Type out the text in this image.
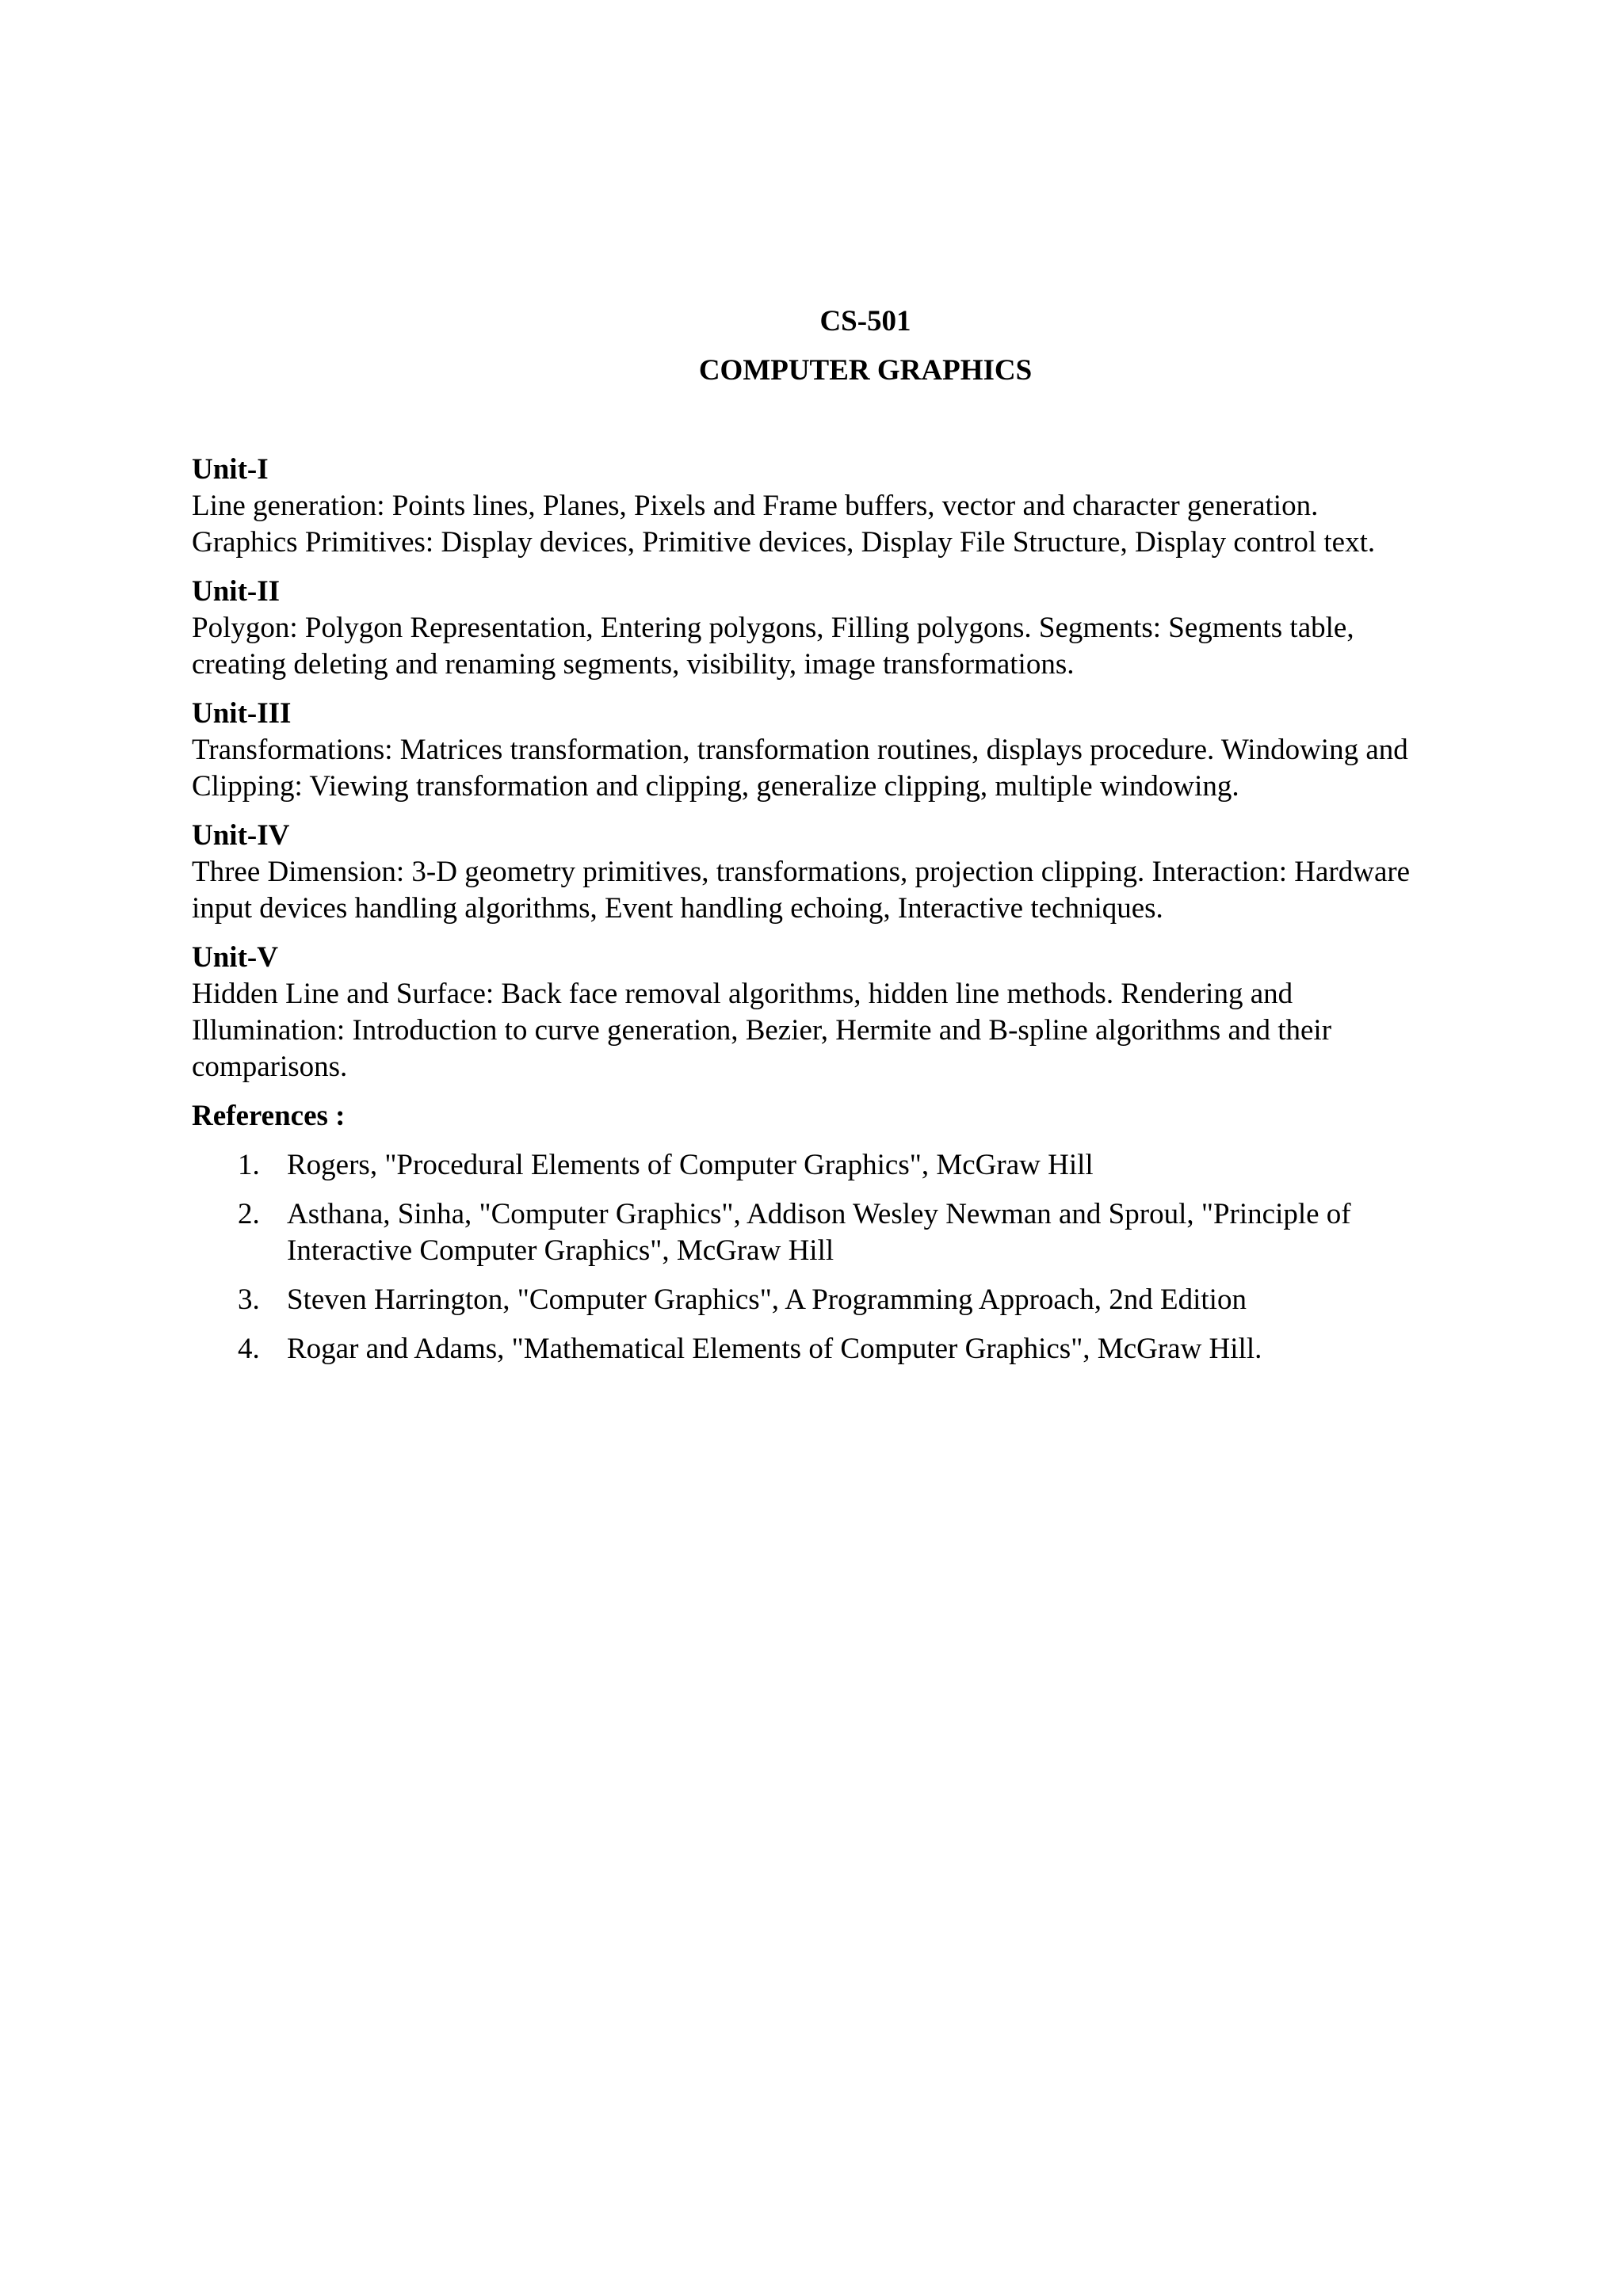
CS-501
COMPUTER GRAPHICS
Unit-I
Line generation: Points lines, Planes, Pixels and Frame buffers, vector and character generation.
Graphics Primitives: Display devices, Primitive devices, Display File Structure, Display control text.
Unit-II
Polygon: Polygon Representation, Entering polygons, Filling polygons. Segments: Segments table,
creating deleting and renaming segments, visibility, image transformations.
Unit-III
Transformations: Matrices transformation, transformation routines, displays procedure. Windowing and
Clipping: Viewing transformation and clipping, generalize clipping, multiple windowing.
Unit-IV
Three Dimension: 3-D geometry primitives, transformations, projection clipping. Interaction: Hardware
input devices handling algorithms, Event handling echoing, Interactive techniques.
Unit-V
Hidden Line and Surface: Back face removal algorithms, hidden line methods. Rendering and
Illumination: Introduction to curve generation, Bezier, Hermite and B-spline algorithms and their
comparisons.
References :
1. Rogers, "Procedural Elements of Computer Graphics", McGraw Hill
2. Asthana, Sinha, "Computer Graphics", Addison Wesley Newman and Sproul, "Principle of
Interactive Computer Graphics", McGraw Hill
3. Steven Harrington, "Computer Graphics", A Programming Approach, 2nd Edition
4. Rogar and Adams, "Mathematical Elements of Computer Graphics", McGraw Hill.
